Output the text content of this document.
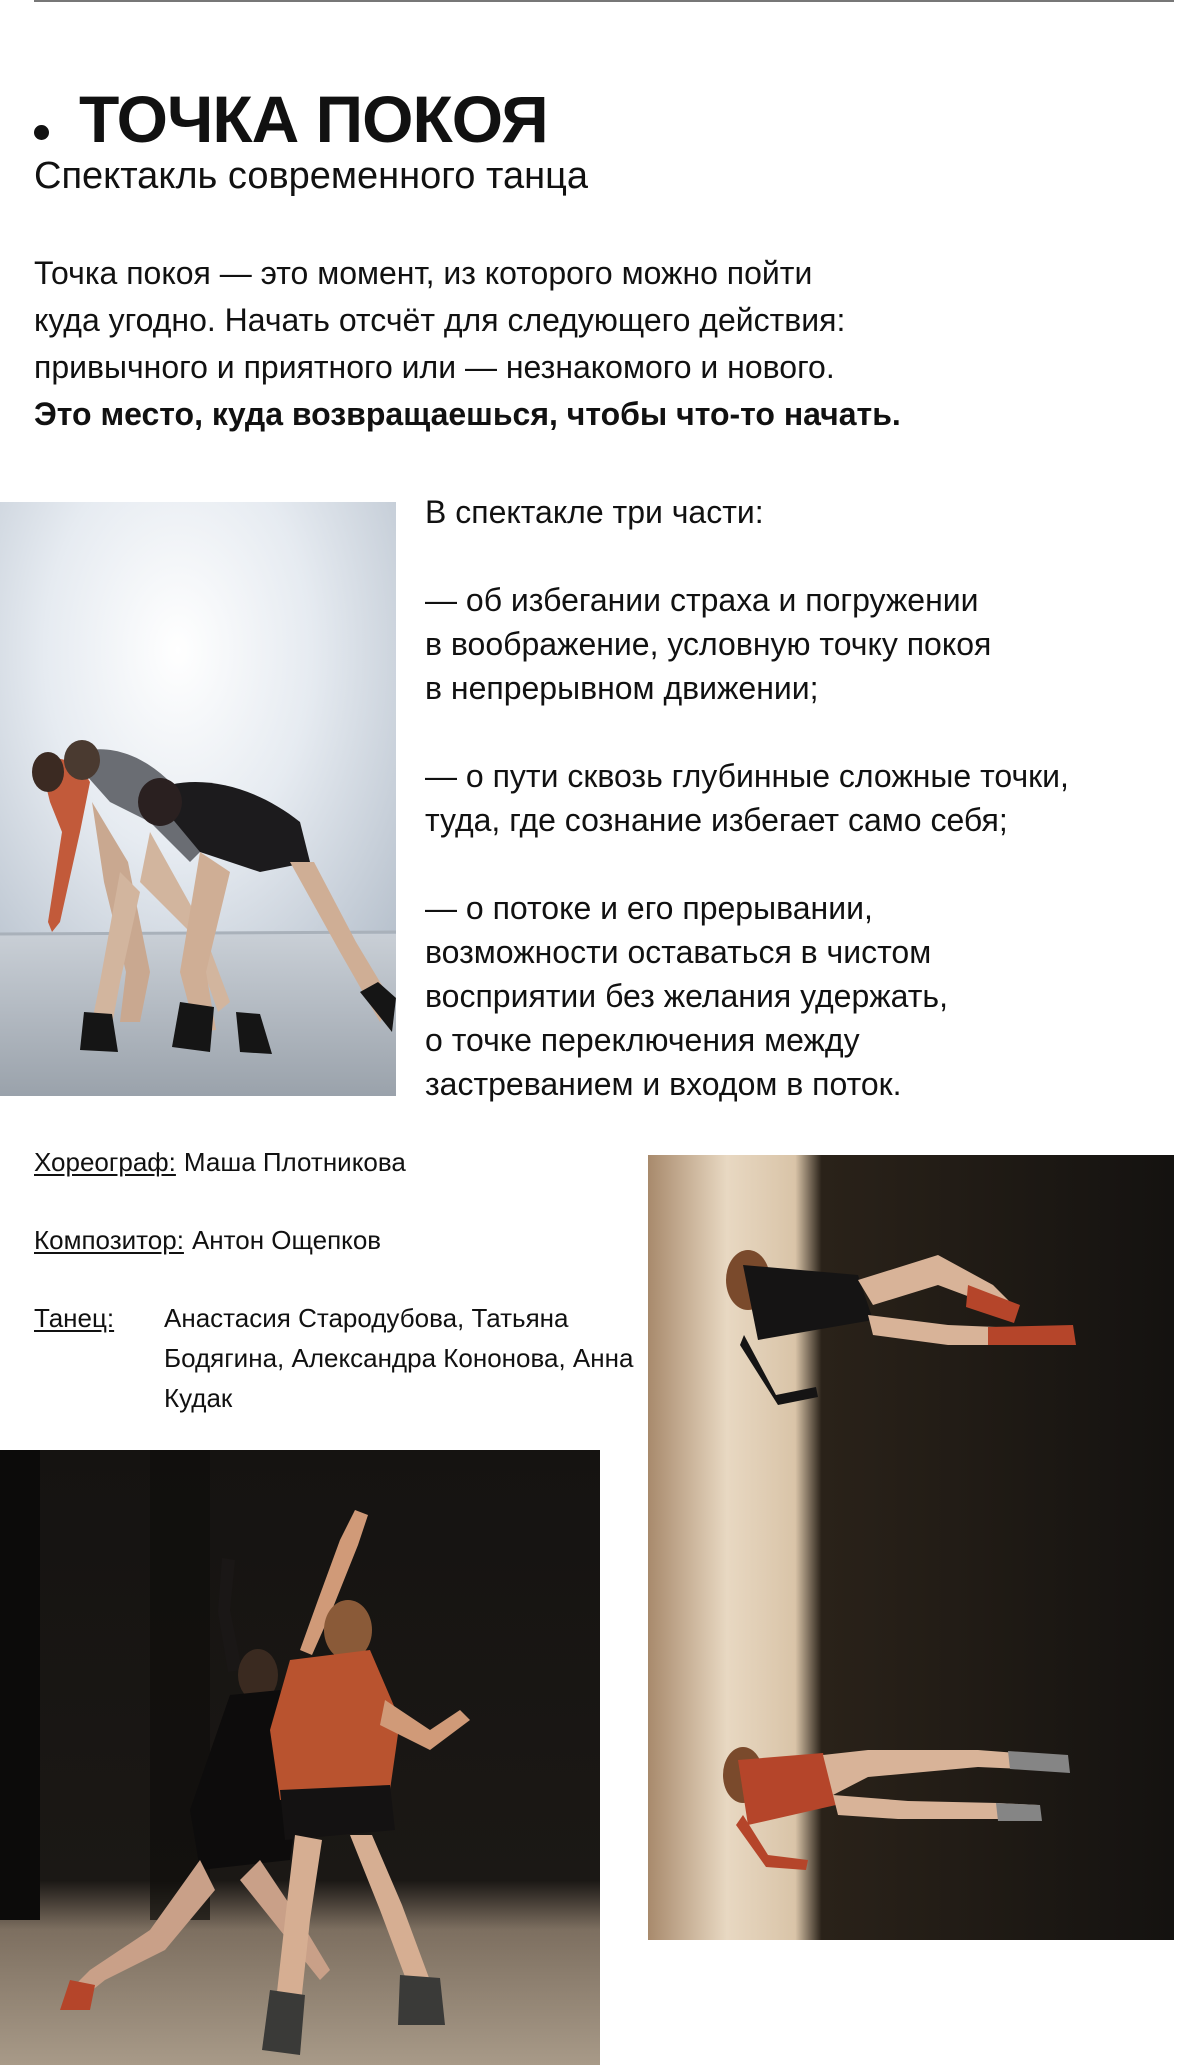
ТОЧКА ПОКОЯ
Спектакль современного танца

Точка покоя — это момент, из которого можно пойти

куда угодно. Начать отсчёт для следующего действия:

привычного и приятного или — незнакомого и нового.

Это место, куда возвращаешься, чтобы что-то начать.

В спектакле три части:

— об избегании страха и погружении
в воображение, условную точку покоя
в непрерывном движении;

— о пути сквозь глубинные сложные точки,
туда, где сознание избегает само себя;

— о потоке и его прерывании,
возможности оставаться в чистом
восприятии без желания удержать,
о точке переключения между
застреванием и входом в поток.

Хореограф: Маша Плотникова
Композитор: Антон Ощепков
Танец:	Анастасия Стародубова, Татьяна Бодягина, Александра Кононова, Анна Кудак
